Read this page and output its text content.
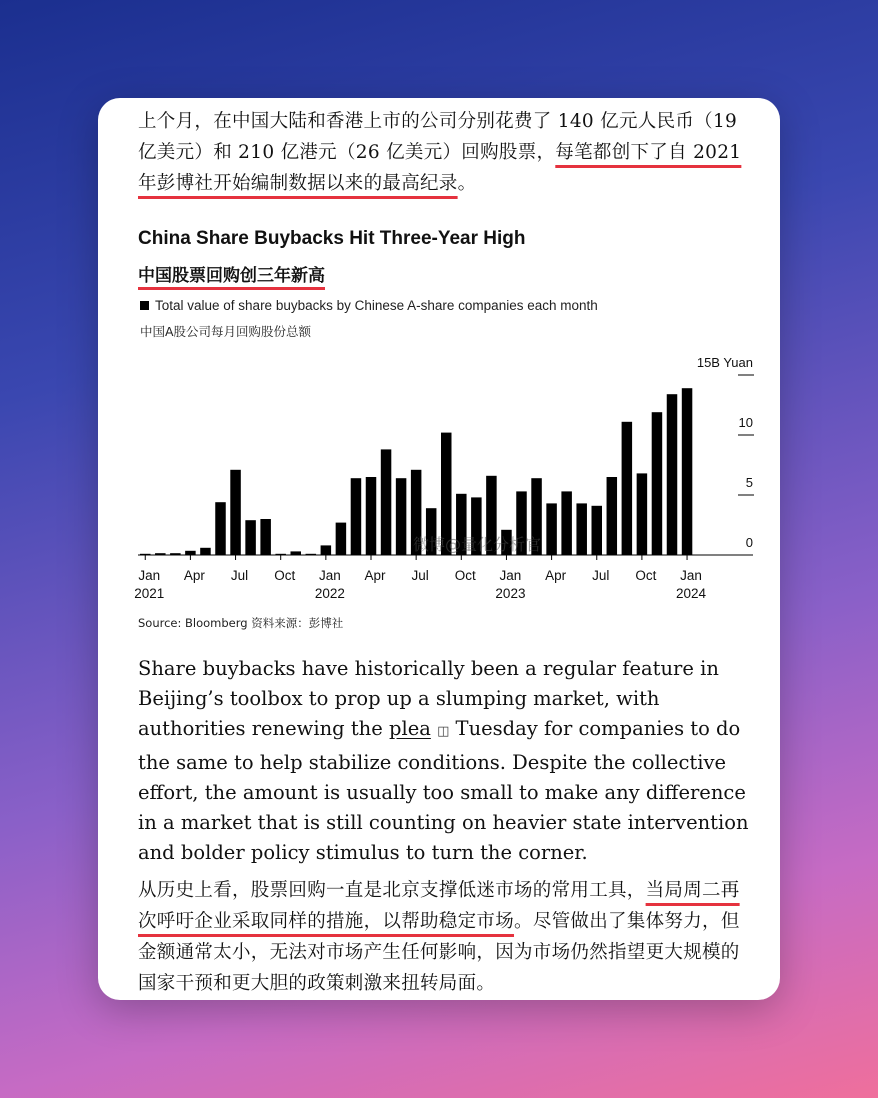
上个月，在中国大陆和香港上市的公司分别花费了 140 亿元人民币（19 亿美元）和 210 亿港元（26 亿美元）回购股票，每笔都创下了自 2021 年彭博社开始编制数据以来的最高纪录。

China Share Buybacks Hit Three-Year High
中国股票回购创三年新高
Total value of share buybacks by Chinese A-share companies each month
中国A股公司每月回购股份总额
15B Yuan
10
5
0
Jan
2021
Apr Jul Oct Jan
2022
Apr Jul Oct Jan
2023
Apr Jul Oct Jan
2024
微博@量化分析官
Source: Bloomberg 资料来源：彭博社

Share buybacks have historically been a regular feature in Beijing’s toolbox to prop up a slumping market, with authorities renewing the plea ◫ Tuesday for companies to do the same to help stabilize conditions. Despite the collective effort, the amount is usually too small to make any difference in a market that is still counting on heavier state intervention and bolder policy stimulus to turn the corner.

从历史上看，股票回购一直是北京支撑低迷市场的常用工具，当局周二再次呼吁企业采取同样的措施，以帮助稳定市场。尽管做出了集体努力，但金额通常太小，无法对市场产生任何影响，因为市场仍然指望更大规模的国家干预和更大胆的政策刺激来扭转局面。
